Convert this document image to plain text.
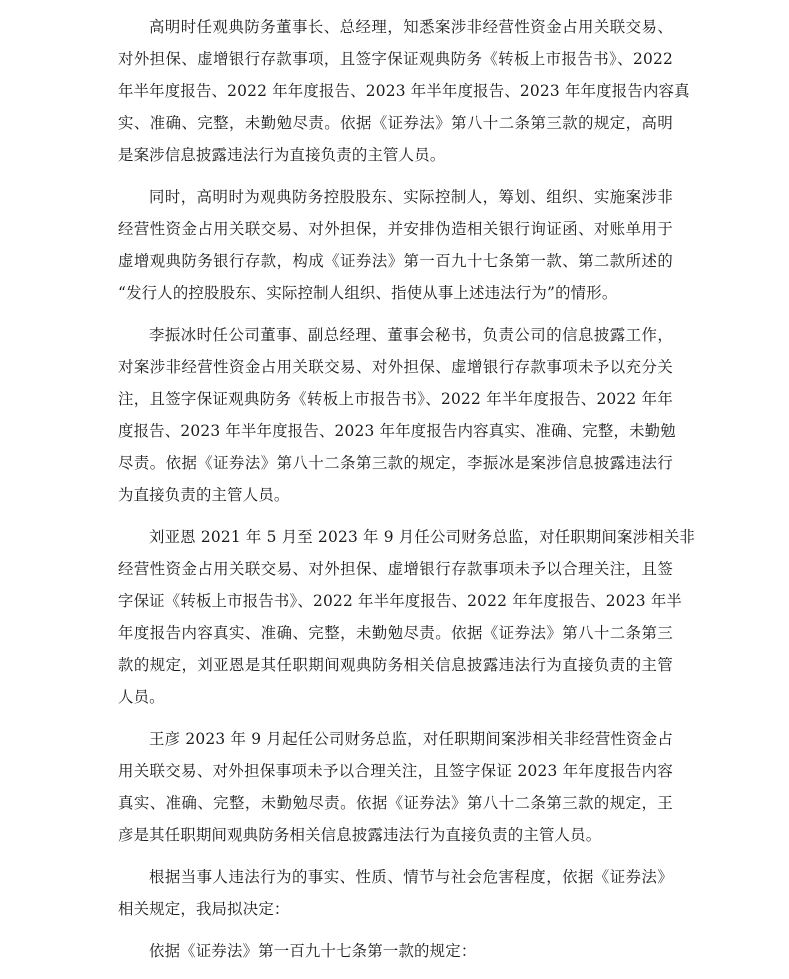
高明时任观典防务董事长、总经理，知悉案涉非经营性资金占用关联交易、
对外担保、虚增银行存款事项，且签字保证观典防务《转板上市报告书》、2022
年半年度报告、2022 年年度报告、2023 年半年度报告、2023 年年度报告内容真
实、准确、完整，未勤勉尽责。依据《证券法》第八十二条第三款的规定，高明
是案涉信息披露违法行为直接负责的主管人员。
同时，高明时为观典防务控股股东、实际控制人，筹划、组织、实施案涉非
经营性资金占用关联交易、对外担保，并安排伪造相关银行询证函、对账单用于
虚增观典防务银行存款，构成《证券法》第一百九十七条第一款、第二款所述的
“发行人的控股股东、实际控制人组织、指使从事上述违法行为”的情形。
李振冰时任公司董事、副总经理、董事会秘书，负责公司的信息披露工作，
对案涉非经营性资金占用关联交易、对外担保、虚增银行存款事项未予以充分关
注，且签字保证观典防务《转板上市报告书》、2022 年半年度报告、2022 年年
度报告、2023 年半年度报告、2023 年年度报告内容真实、准确、完整，未勤勉
尽责。依据《证券法》第八十二条第三款的规定，李振冰是案涉信息披露违法行
为直接负责的主管人员。
刘亚恩 2021 年 5 月至 2023 年 9 月任公司财务总监，对任职期间案涉相关非
经营性资金占用关联交易、对外担保、虚增银行存款事项未予以合理关注，且签
字保证《转板上市报告书》、2022 年半年度报告、2022 年年度报告、2023 年半
年度报告内容真实、准确、完整，未勤勉尽责。依据《证券法》第八十二条第三
款的规定，刘亚恩是其任职期间观典防务相关信息披露违法行为直接负责的主管
人员。
王彦 2023 年 9 月起任公司财务总监，对任职期间案涉相关非经营性资金占
用关联交易、对外担保事项未予以合理关注，且签字保证 2023 年年度报告内容
真实、准确、完整，未勤勉尽责。依据《证券法》第八十二条第三款的规定，王
彦是其任职期间观典防务相关信息披露违法行为直接负责的主管人员。
根据当事人违法行为的事实、性质、情节与社会危害程度，依据《证券法》
相关规定，我局拟决定：
依据《证券法》第一百九十七条第一款的规定：
